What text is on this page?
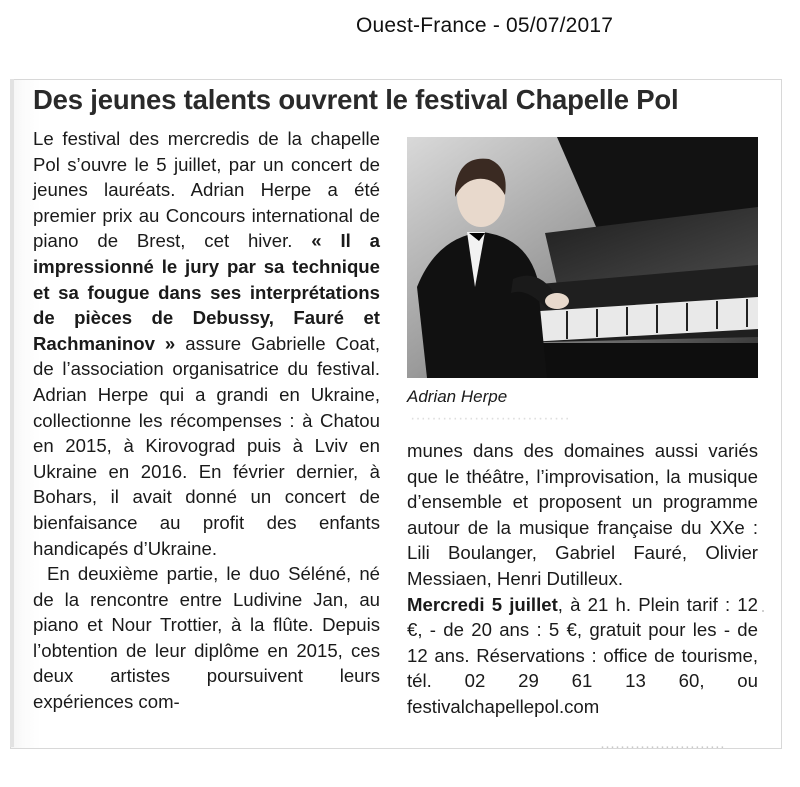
Ouest-France - 05/07/2017
······························
·
·························
Des jeunes talents ouvrent le festival Chapelle Pol

Le festival des mercredis de la chapelle Pol s’ouvre le 5 juillet, par un concert de jeunes lauréats. Adrian Herpe a été premier prix au Concours international de piano de Brest, cet hiver. « Il a impressionné le jury par sa technique et sa fougue dans ses interprétations de pièces de Debussy, Fauré et Rachmaninov » assure Gabrielle Coat, de l’association organisatrice du festival. Adrian Herpe qui a grandi en Ukraine, collectionne les récompenses : à Chatou en 2015, à Kirovograd puis à Lviv en Ukraine en 2016. En février dernier, à Bohars, il avait donné un concert de bienfaisance au profit des enfants handicapés d’Ukraine.

En deuxième partie, le duo Séléné, né de la rencontre entre Ludivine Jan, au piano et Nour Trottier, à la flûte. Depuis l’obtention de leur diplôme en 2015, ces deux artistes poursuivent leurs expériences com-

Adrian Herpe

munes dans des domaines aussi variés que le théâtre, l’improvisation, la musique d’ensemble et proposent un programme autour de la musique française du XXe : Lili Boulanger, Gabriel Fauré, Olivier Messiaen, Henri Dutilleux.

Mercredi 5 juillet, à 21 h. Plein tarif : 12 €, - de 20 ans : 5 €, gratuit pour les - de 12 ans. Réservations : office de tourisme, tél. 02 29 61 13 60, ou festivalchapellepol.com
